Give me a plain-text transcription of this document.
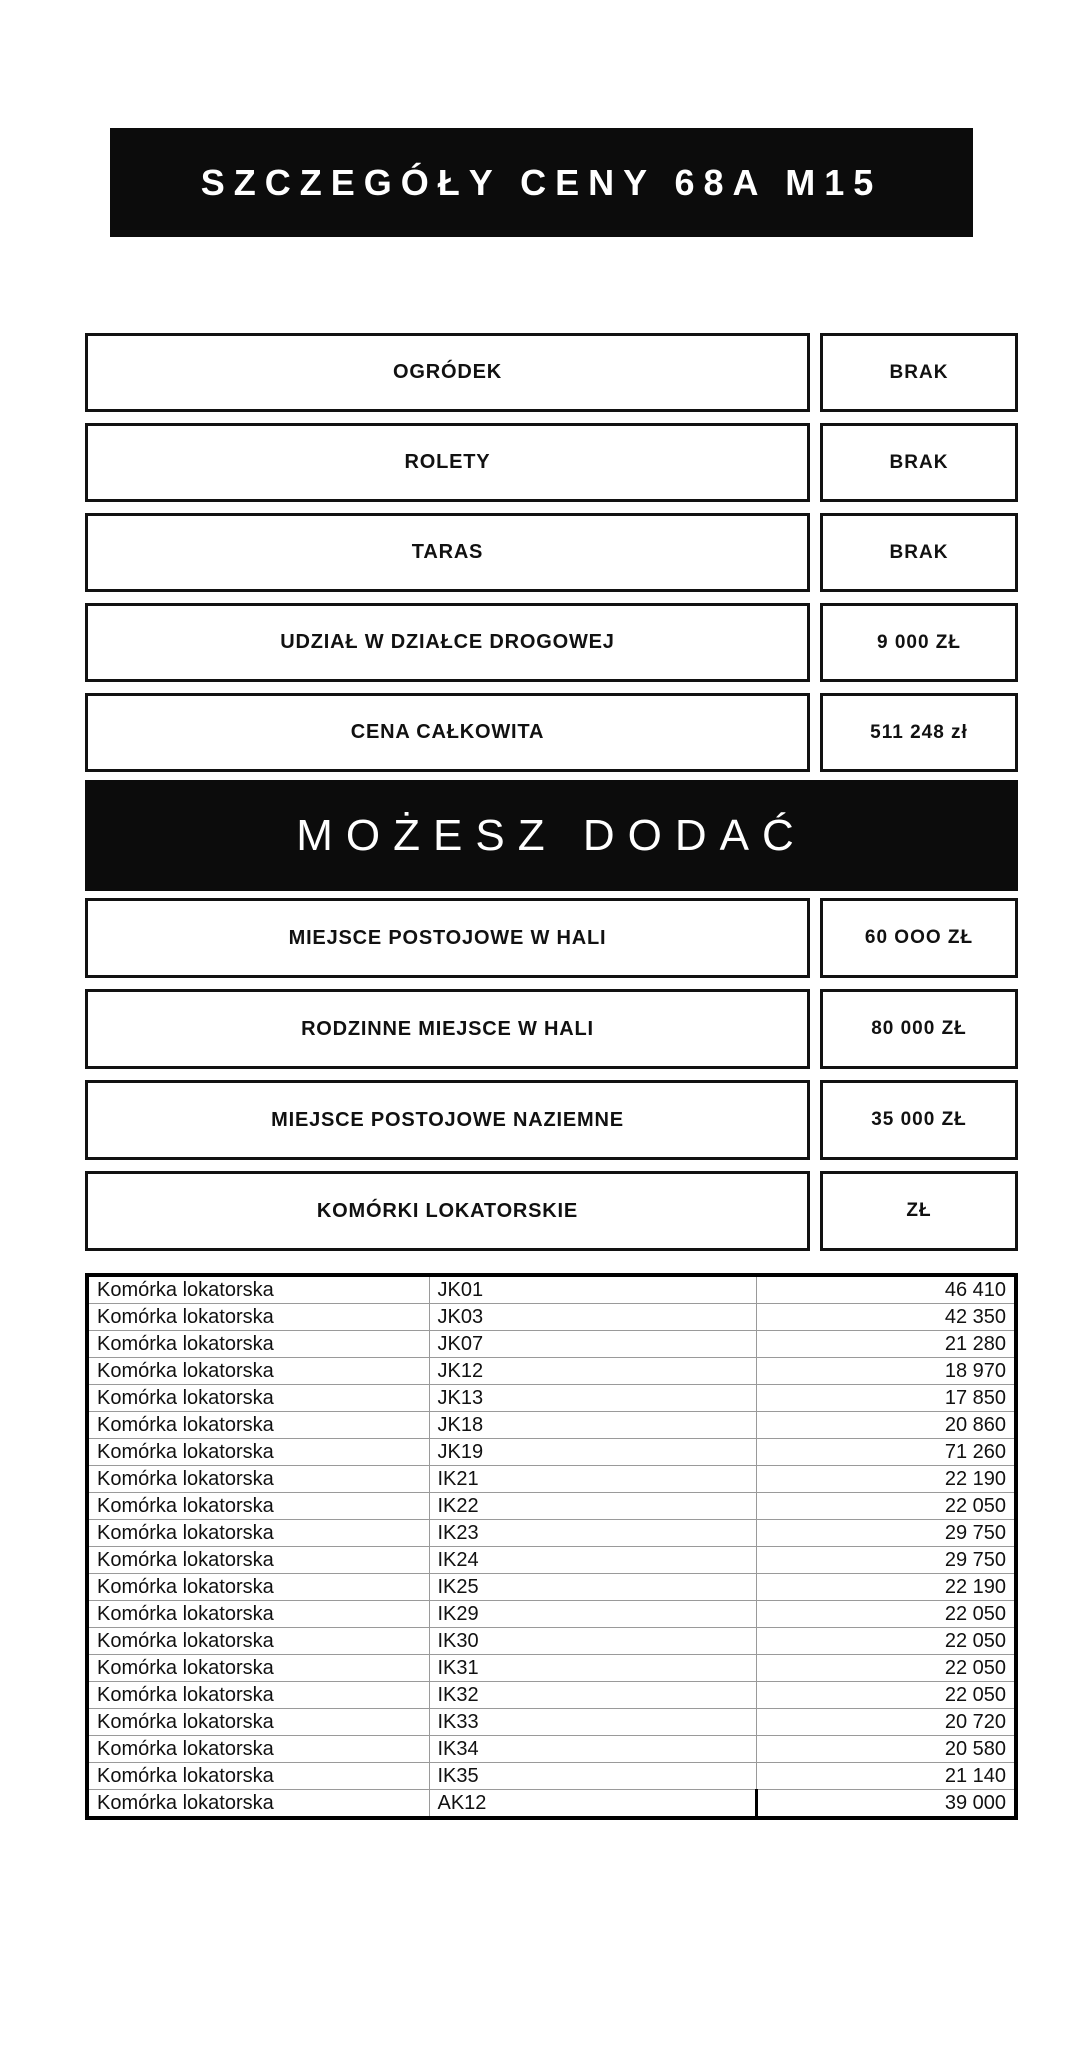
SZCZEGÓŁY CENY 68A M15
OGRÓDEK	BRAK
ROLETY	BRAK
TARAS	BRAK
UDZIAŁ W DZIAŁCE DROGOWEJ	9 000 ZŁ
CENA CAŁKOWITA	511 248 zł
MOŻESZ DODAĆ
MIEJSCE POSTOJOWE W HALI	60 OOO ZŁ
RODZINNE MIEJSCE W HALI	80 000 ZŁ
MIEJSCE POSTOJOWE NAZIEMNE	35 000 ZŁ
KOMÓRKI LOKATORSKIE	ZŁ
Komórka lokatorska	JK01	46 410
Komórka lokatorska	JK03	42 350
Komórka lokatorska	JK07	21 280
Komórka lokatorska	JK12	18 970
Komórka lokatorska	JK13	17 850
Komórka lokatorska	JK18	20 860
Komórka lokatorska	JK19	71 260
Komórka lokatorska	IK21	22 190
Komórka lokatorska	IK22	22 050
Komórka lokatorska	IK23	29 750
Komórka lokatorska	IK24	29 750
Komórka lokatorska	IK25	22 190
Komórka lokatorska	IK29	22 050
Komórka lokatorska	IK30	22 050
Komórka lokatorska	IK31	22 050
Komórka lokatorska	IK32	22 050
Komórka lokatorska	IK33	20 720
Komórka lokatorska	IK34	20 580
Komórka lokatorska	IK35	21 140
Komórka lokatorska	AK12	39 000
